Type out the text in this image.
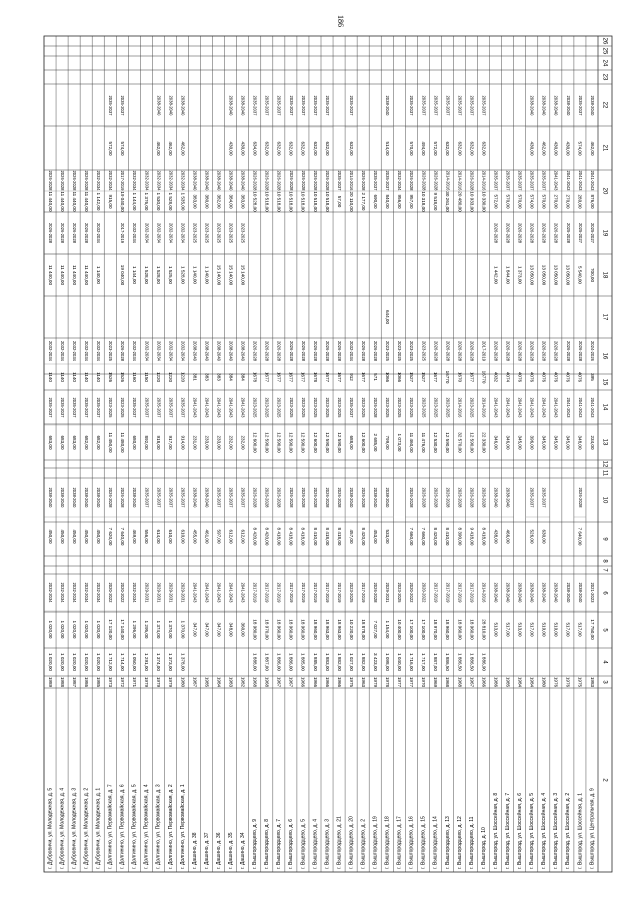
186
26
25
24
23
22
21
20
19
18
17
16
15
14
13
12
11
10
9
8
7
6
5
4
3
2
г. Вышгород, ул. Центральная, д. 9
1983
17 750,00
2021-2023
234,00
2041-2043
395
2024-2026
700,00
2025-2027
876,00
2041-2043
462,00
2038-2040
г. Вышгород, ул. Шоссейная, д. 1
1975
517,00
2038-2040
7 640,00
2026-2028
348,00
2041-2043
4076
2026-2028
5 540,00
2025-2027
289,00
2041-2043
574,00
2035-2037
г. Вышгород, ул. Шоссейная, д. 2
1976
517,00
2038-2040
345,00
2041-2043
4076
2026-2028
13 050,00
2025-2028
270,00
2041-2043
430,00
2038-2040
г. Вышгород, ул. Шоссейная, д. 3
1976
519,00
2038-2040
345,00
2041-2043
4076
2026-2028
13 050,00
2026-2028
270,00
2041-2043
430,00
2038-2040
г. Вышгород, ул. Шоссейная, д. 4
1980
519,00
2038-2040
630,00
2035-2037
345,00
2041-2043
4076
2026-2028
13 050,00
2026-2028
570,00
2035-2037
462,00
2038-2040
г. Вышгород, ул. Шоссейная, д. 5
1984
517,00
2038-2040
526,00
2035-2037
396,00
2041-2043
4076
2026-2028
13 050,00
2026-2028
574,00
2035-2037
430,00
2038-2040
г. Вышгород, ул. Шоссейная, д. 6
1984
513,00
2038-2040
345,00
2041-2043
4076
2026-2028
1 373,00
2026-2028
570,00
2035-2037
г. Вышгород, ул. Шоссейная, д. 7
1985
517,00
2038-2040
466,00
2038-2040
346,00
2041-2043
4074
2026-2028
1 844,00
2026-2028
570,00
2035-2037
г. Вышгород, ул. Шоссейная, д. 8
1986
513,00
2038-2040
438,00
2038-2040
346,00
2041-2043
4032
2026-2028
1 442,00
2026-2028
572,00
2035-2037
г. Вышгород, д. 10
1966
1 886,90
28 810,00
2014-2016
8 418,00
2026-2028
22 330,00
2014-2016
16770
2017-2019
10 330,00
2014-2016
632,00
2035-2037
г. Вышгородцево, д. 11
1967
1 886,50
18 960,00
2017-2019
9 418,00
2026-2028
12 590,00
2023-2025
1677
2026-2028
10 933,00
2026-2028
632,00
2035-2037
г. Вышгородцево, д. 12
1968
1 886,50
18 960,00
2017-2019
8 390,00
2026-2028
32 570,00
2014-2016
1670
2026-2028
20 480,00
2014-2016
632,00
2035-2037
г. Вышгородцево, д. 13
1968
1 886,50
18 960,00
2017-2019
8 410,00
2026-2028
12 590,00
2023-2025
16770
2026-2028
30 261,00
2014-2016
632,00
2035-2037
г. Вышгородцево, д. 14
1969
1 887,00
18 970,00
2017-2019
8 420,00
2026-2028
12 530,00
2023-2025
1677
2026-2028
9 518,00
2026-2028
572,00
2035-2037
г. Вышгородцево, д. 15
1970
1 717,00
17 100,00
2020-2022
7 660,00
2026-2028
11 476,00
2023-2025
1527
2023-2025
10 318,00
2026-2028
494,00
2035-2037
г. Вышгородцево, д. 16
1977
1 716,00
17 100,00
2020-2022
7 660,00
2026-2028
11 460,00
2023-2025
1527
2023-2025
957,00
2026-2028
570,00
2035-2037
г. Вышгородцево, д. 17
1977
1 040,00
10 400,00
2023-2025
1 073,00
2023-2025
1066
2023-2025
956,00
2032-2034
г. Вышгородцево, д. 18
1978
1 098,00
1 154,00
2029-2031
533,00
2038-2040
799,00
2023-2025
1066
2023-2025
644,00
840,00
2035-2037
514,00
2038-2040
г. Вышгородцево, д. 19
1979
3 423,00
7 027,00
2026-2028
453,00
2038-2040
2 685,00
2026-2028
571
2026-2028
690,00
2035-2037
г. Вышгородцево, д. 2
1963
1 882,00
18 878,00
2017-2019
8 420,00
2026-2028
12 600,00
2023-2025
1677
2026-2028
2 177,00
2026-2028
г. Вышгородцево, д. 20
1975
1 027,00
10 220,00
2023-2025
457,00
2038-2040
688,00
2035-2037
912
2032-2034
20 110,00
2014-2016
632,00
2035-2037
г. Вышгородцево, д. 21
1966
1 882,00
18 963,00
2017-2019
8 418,00
2026-2028
12 590,00
2023-2025
1677
2026-2028
57,00
2035-2037
г. Вышгородцево, д. 3
1966
1 883,00
18 963,00
2017-2019
8 418,00
2026-2028
12 590,00
2023-2025
1677
2026-2028
10 518,00
2026-2028
632,00
2035-2037
г. Вышгородцево, д. 4
1966
1 885,00
18 960,00
2017-2019
8 410,00
2026-2028
12 600,00
2023-2025
1678
2026-2028
10 518,00
2026-2028
632,00
2035-2037
г. Вышгородцево, д. 5
1966
1 885,00
18 960,00
2017-2019
8 418,00
2026-2028
12 590,00
2023-2025
1677
2026-2028
10 518,00
2026-2028
632,00
2035-2037
г. Вышгородцево, д. 6
1967
1 886,00
18 960,00
2017-2019
8 418,00
2026-2028
12 590,00
2023-2025
1677
2026-2028
10 518,00
2026-2028
632,00
2035-2037
г. Вышгородцево, д. 7
1967
1 886,00
18 960,00
2017-2019
8 418,00
2026-2028
12 590,00
2023-2025
1677
2026-2028
10 518,00
2026-2028
632,00
2035-2037
г. Вышгородцево, д. 8
1968
1 887,00
18 970,00
2017-2019
8 420,00
2026-2028
12 590,00
2023-2025
1677
2026-2028
10 518,00
2026-2028
632,00
2035-2037
г. Вышгородцево, д. 9
1968
1 888,00
18 980,00
2017-2019
8 420,00
2026-2028
12 600,00
2023-2025
1678
2026-2028
10 528,00
2026-2028
634,00
2035-2037
г. Дашино, д. 34
1982
360,00
2041-2043
612,00
2035-2037
232,00
2041-2043
384
2038-2040
15 140,00
2023-2025
383,00
2038-2040
430,00
2038-2040
г. Дашино, д. 35
1983
348,00
2041-2043
612,00
2035-2037
232,00
2041-2043
384
2038-2040
15 140,00
2023-2025
384,00
2038-2040
430,00
2038-2040
г. Дашино, д. 36
1984
347,00
2041-2043
597,00
2035-2037
233,00
2041-2043
383
2038-2040
15 140,00
2023-2025
382,00
2038-2040
г. Дашино, д. 37
1985
347,00
2041-2043
461,00
2038-2040
233,00
2041-2043
383
2038-2040
1 140,00
2023-2025
380,00
2038-2040
г. Дашино, д. 38
1987
347,00
2041-2043
455,00
2038-2040
231,00
2041-2043
381
2038-2040
1 140,00
2023-2025
383,00
2038-2040
г. Долгинино, ул. Первомайская, д. 1
1980
1 378,00
1 370,00
2029-2031
610,00
2035-2037
914,00
2035-2037
1220
2032-2034
1 528,00
2032-2034
1 535,00
2032-2034
462,00
2038-2040
г. Долгинино, ул. Первомайская, д. 2
1979
1 373,00
1 370,00
2029-2031
610,00
2035-2037
917,00
2035-2037
1220
2032-2034
1 525,00
2032-2034
1 528,00
2032-2034
462,00
2038-2040
г. Долгинино, ул. Первомайская, д. 3
1979
1 374,00
1 374,00
2029-2031
614,00
2035-2037
918,00
2035-2037
1220
2032-2034
1 528,00
2032-2034
1 530,00
2032-2034
462,00
2038-2040
г. Долгинино, ул. Первомайская, д. 4
1979
1 291,00
1 295,00
2029-2031
556,00
2035-2037
892,00
2035-2037
1150
2032-2034
1 528,00
2032-2034
1 376,00
2032-2034
г. Долгинино, ул. Первомайская, д. 5
1971
1 050,00
1 296,00
2032-2034
469,00
2038-2040
680,00
2035-2037
1160
2032-2034
1 144,00
2032-2034
1 144,00
2032-2034
г. Долгинино, ул. Первомайская, д. 6
1972
1 714,00
17 140,00
2020-2022
7 640,00
2026-2028
11 480,00
2023-2025
1526
2026-2028
19 040,00
2017-2019
19 040,00
2017-2019
574,00
2035-2037
г. Долгинино, ул. Первомайская, д. 7
1973
1 712,00
17 120,00
2020-2022
7 620,00
2026-2028
11 450,00
2023-2025
1526
2023-2025
915,00
2032-2034
572,00
2035-2037
г. Дубровичи, ул. Молодежная, д. 1
1985
1 020,00
1 020,00
2032-2034
450,00
2038-2040
682,00
2035-2037
1140
2032-2034
1 140,00
2032-2034
1 142,00
2032-2034
г. Дубровичи, ул. Молодежная, д. 2
1986
1 020,00
1 020,00
2032-2034
450,00
2038-2040
682,00
2035-2037
1140
2032-2034
11 440,00
2026-2028
11 440,00
2026-2028
г. Дубровичи, ул. Молодежная, д. 3
1987
1 020,00
1 020,00
2032-2034
450,00
2038-2040
683,00
2035-2037
1140
2032-2034
11 440,00
2026-2028
11 440,00
2026-2028
г. Дубровичи, ул. Молодежная, д. 4
1988
1 020,00
1 020,00
2032-2034
450,00
2038-2040
683,00
2035-2037
1140
2032-2034
11 440,00
2026-2028
11 440,00
2026-2028
г. Дубровичи, ул. Молодежная, д. 5
1989
1 020,00
1 020,00
2032-2034
450,00
2038-2040
683,00
2035-2037
1140
2032-2034
11 440,00
2026-2028
11 440,00
2026-2028
